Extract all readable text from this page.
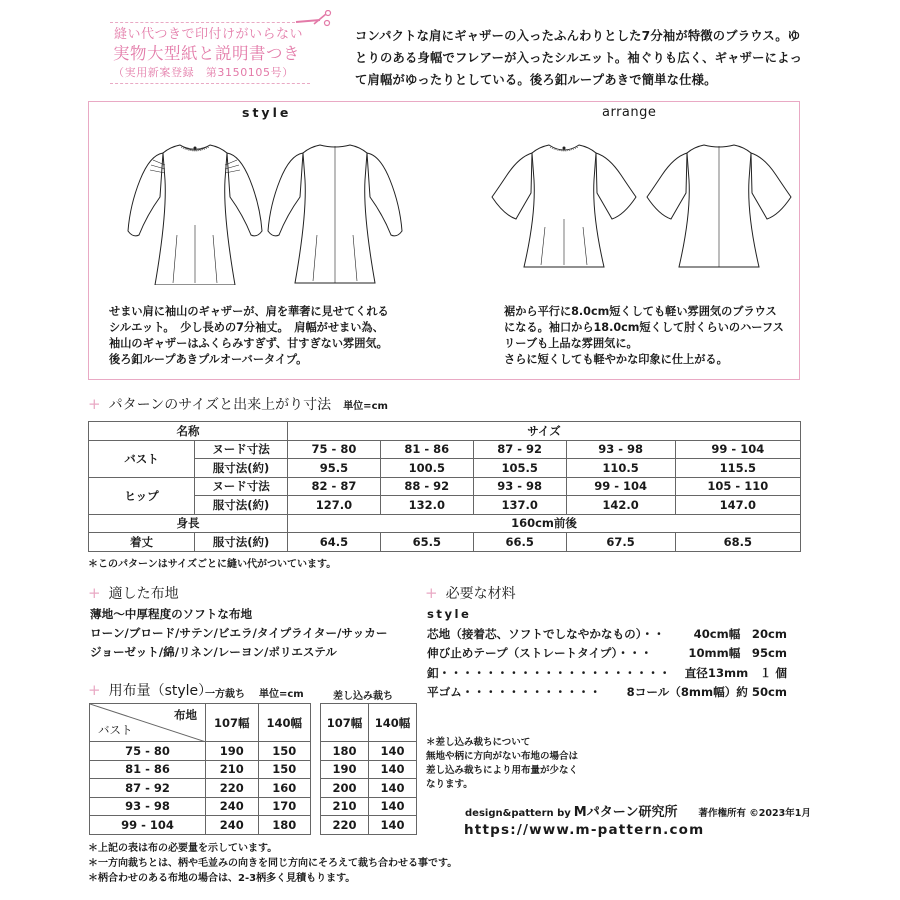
縫い代つきで印付けがいらない
実物大型紙と説明書つき
（実用新案登録　第3150105号）
コンパクトな肩にギャザーの入ったふんわりとした7分袖が特徴のブラウス。ゆとりのある身幅でフレアーが入ったシルエット。袖ぐりも広く、ギャザーによって肩幅がゆったりとしている。後ろ釦ループあきで簡単な仕様。
style	arrange
せまい肩に袖山のギャザーが、肩を華奢に見せてくれる
シルエット。　少し長めの7分袖丈。　肩幅がせまい為、
袖山のギャザーはふくらみすぎず、甘すぎない雰囲気。
後ろ釦ループあきプルオーバータイプ。
裾から平行に8.0cm短くしても軽い雰囲気のブラウス
になる。袖口から18.0cm短くして肘くらいのハーフス
リーブも上品な雰囲気に。
さらに短くしても軽やかな印象に仕上がる。
+ パターンのサイズと出来上がり寸法 単位=cm
名称		サイズ				
バスト	ヌード寸法	75 - 80	81 - 86	87 - 92	93 - 98	99 - 104
	服寸法(約)	95.5	100.5	105.5	110.5	115.5
ヒップ	ヌード寸法	82 - 87	88 - 92	93 - 98	99 - 104	105 - 110
	服寸法(約)	127.0	132.0	137.0	142.0	147.0
身長		160cm前後				
着丈	服寸法(約)	64.5	65.5	66.5	67.5	68.5
＊このパターンはサイズごとに縫い代がついています。
+ 適した布地
薄地～中厚程度のソフトな布地
ローン/ブロード/サテン/ビエラ/タイプライター/サッカー
ジョーゼット/綿/リネン/レーヨン/ポリエステル
+ 必要な材料
style
芯地（接着芯、ソフトでしなやかなもの）・・ 40cm幅　20cm
伸び止めテープ（ストレートタイプ）・・・	10mm幅　95cm
釦・・・・・・・・・・・・・・・・・・・・ 直径13mm　１ 個
平ゴム・・・・・・・・・・・・ 8コール（8mm幅）約 50cm
+ 用布量（style）
一方裁ち 単位=cm	差し込み裁ち
布地
バスト	107幅	140幅
75 - 80	190	150
81 - 86	210	150
87 - 92	220	160
93 - 98	240	170
99 - 104	240	180
107幅	140幅
180	140
190	140
200	140
210	140
220	140
＊上記の表は布の必要量を示しています。
＊一方向裁ちとは、柄や毛並みの向きを同じ方向にそろえて裁ち合わせる事です。
＊柄合わせのある布地の場合は、2-3柄多く見積もります。
＊差し込み裁ちについて
無地や柄に方向がない布地の場合は
差し込み裁ちにより用布量が少なく
なります。
design&pattern by Mパターン研究所 著作権所有 ©2023年1月
https://www.m-pattern.com
